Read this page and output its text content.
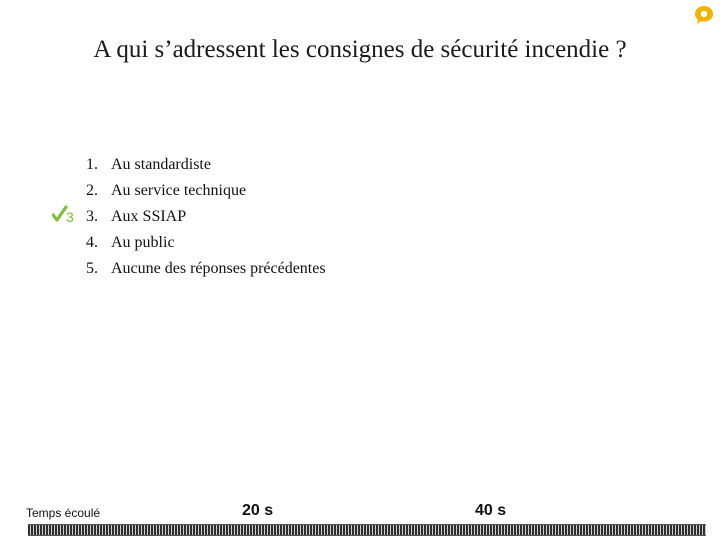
A qui s’adressent les consignes de sécurité incendie ?
1. Au standardiste
2. Au service technique
3 3. Aux SSIAP
4. Au public
5. Aucune des réponses précédentes
Temps écoulé	20 s	40 s
